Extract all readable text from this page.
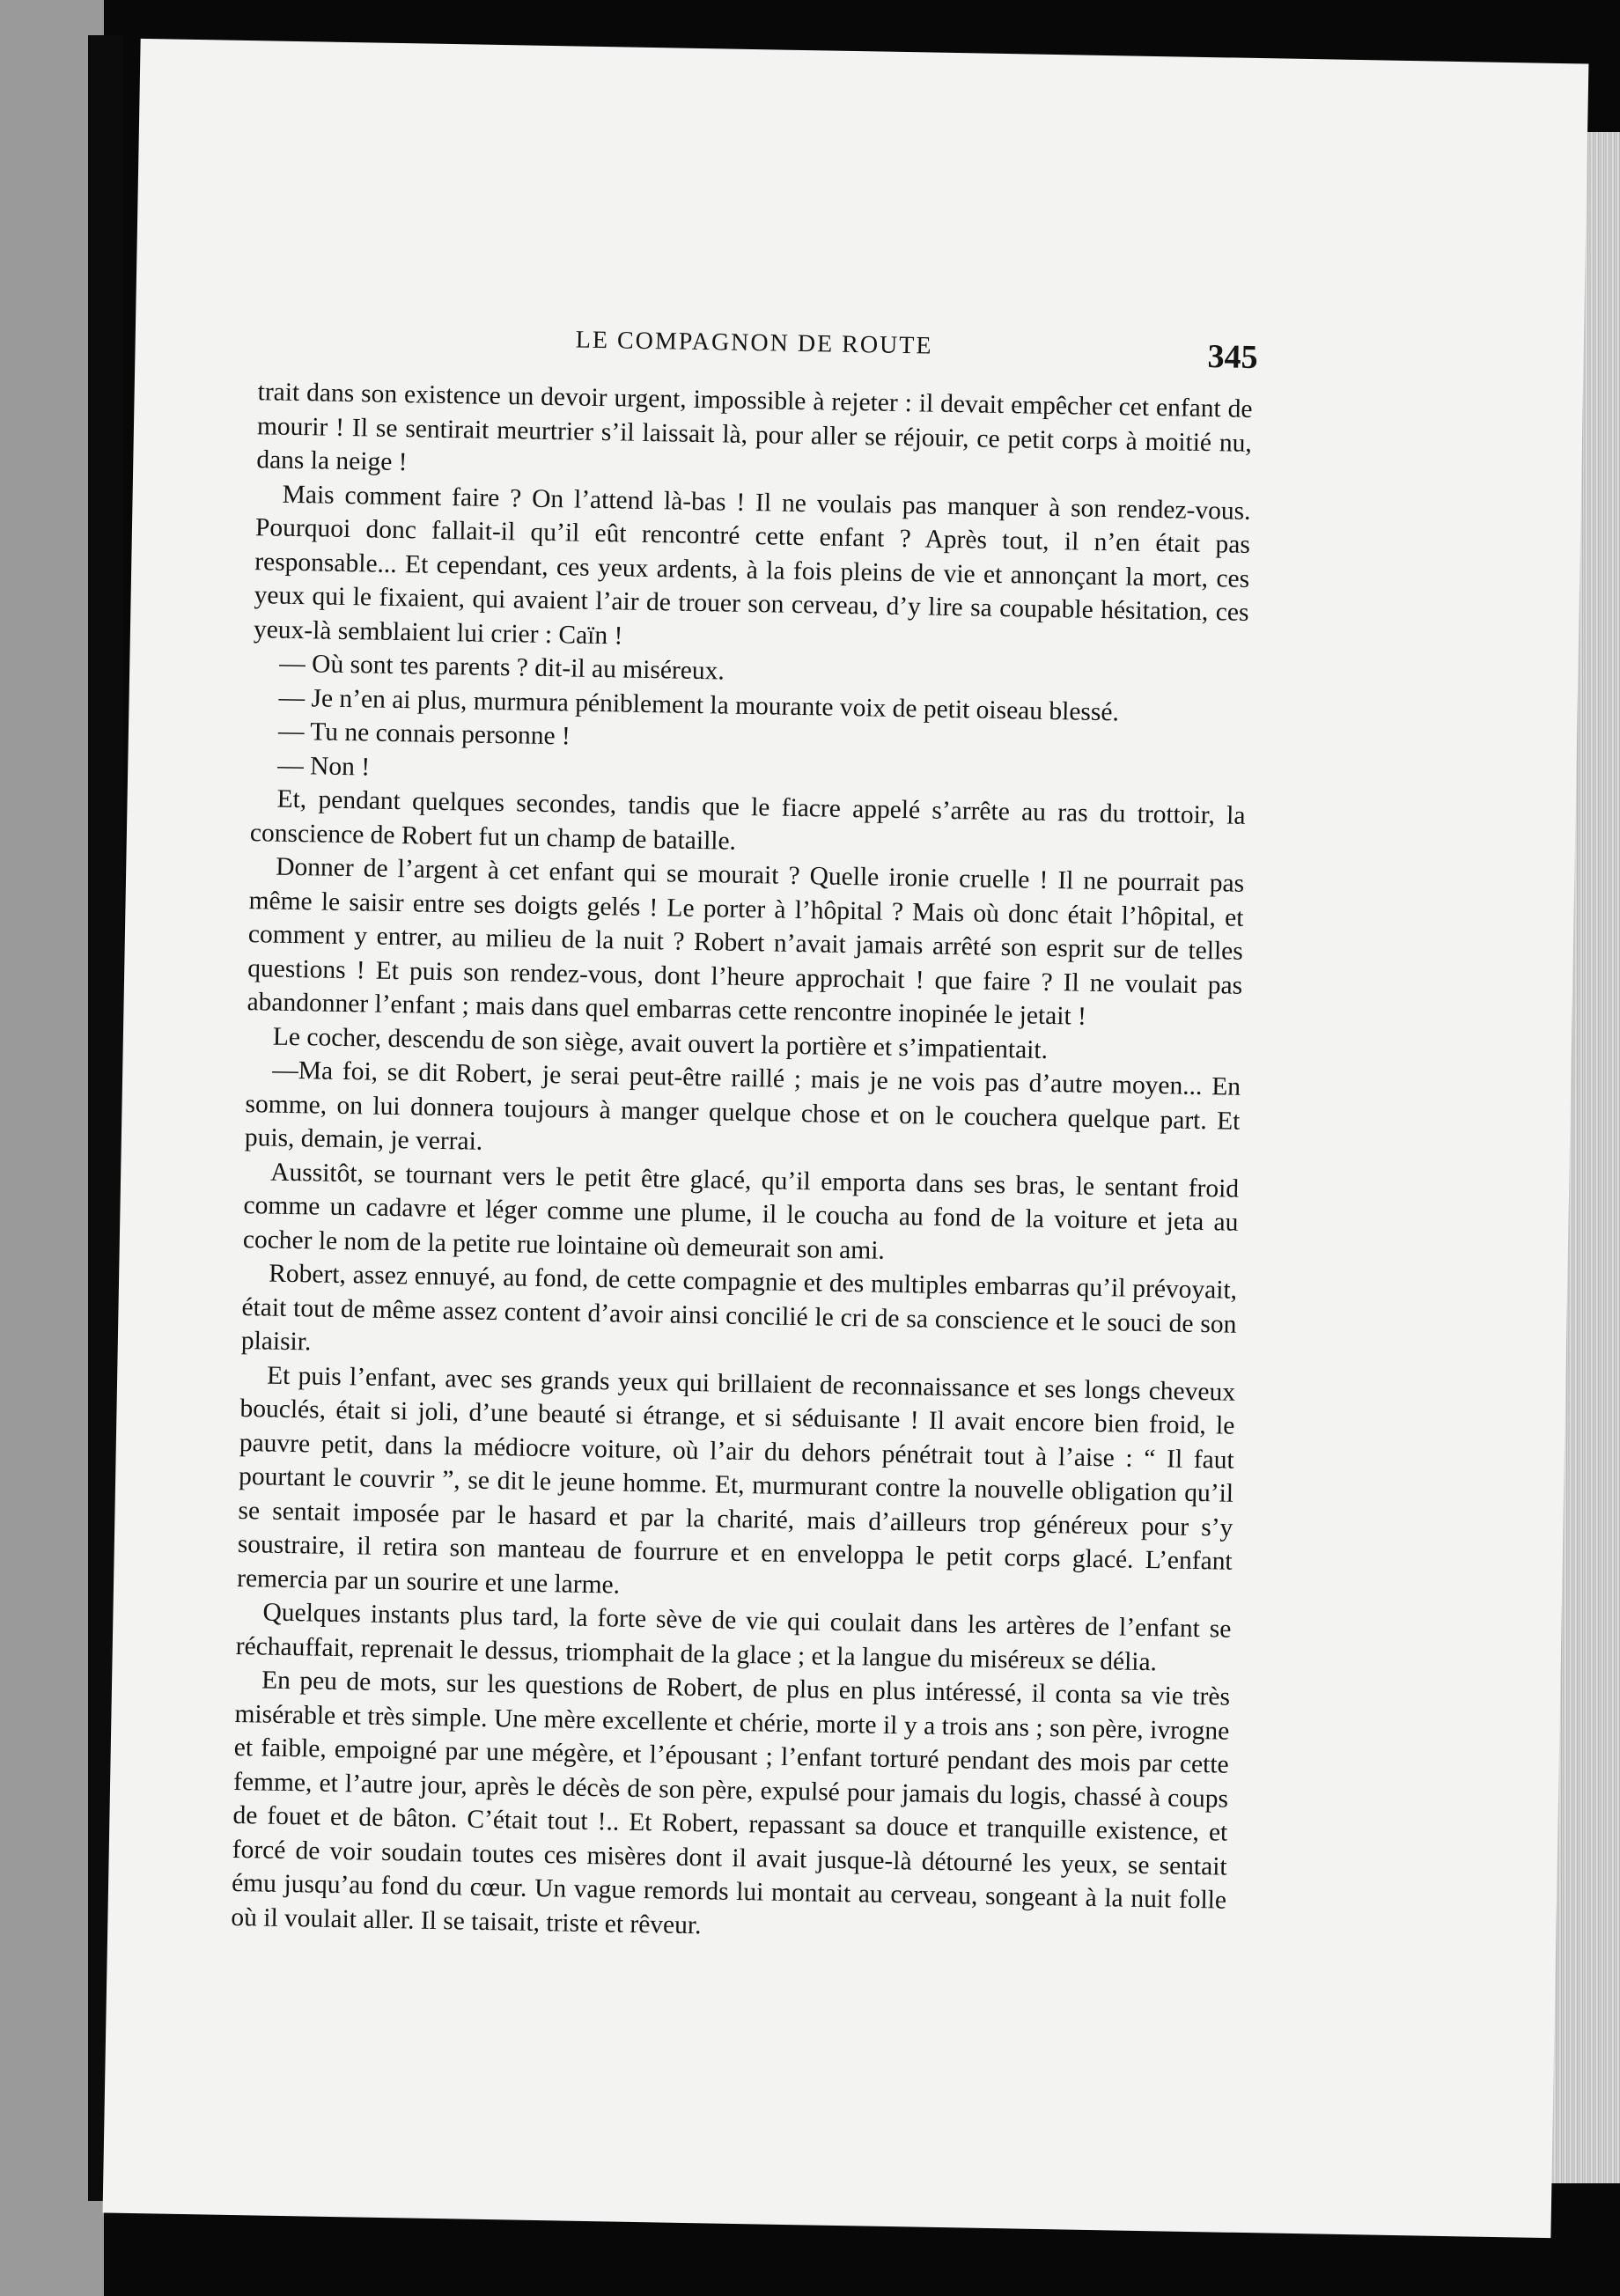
LE COMPAGNON DE ROUTE	345

trait dans son existence un devoir urgent, impossible à rejeter : il devait empêcher cet enfant de mourir ! Il se sentirait meurtrier s’il laissait là, pour aller se réjouir, ce petit corps à moitié nu, dans la neige !

Mais comment faire ? On l’attend là-bas ! Il ne voulais pas manquer à son rendez-vous. Pourquoi donc fallait-il qu’il eût rencontré cette enfant ? Après tout, il n’en était pas responsable... Et cependant, ces yeux ardents, à la fois pleins de vie et annonçant la mort, ces yeux qui le fixaient, qui avaient l’air de trouer son cerveau, d’y lire sa coupable hésitation, ces yeux-là semblaient lui crier : Caïn !

— Où sont tes parents ? dit-il au miséreux.

— Je n’en ai plus, murmura péniblement la mourante voix de petit oiseau blessé.

— Tu ne connais personne !

— Non !

Et, pendant quelques secondes, tandis que le fiacre appelé s’arrête au ras du trottoir, la conscience de Robert fut un champ de bataille.

Donner de l’argent à cet enfant qui se mourait ? Quelle ironie cruelle ! Il ne pourrait pas même le saisir entre ses doigts gelés ! Le porter à l’hôpital ? Mais où donc était l’hôpital, et comment y entrer, au milieu de la nuit ? Robert n’avait jamais arrêté son esprit sur de telles questions ! Et puis son rendez-vous, dont l’heure approchait ! que faire ? Il ne voulait pas abandonner l’enfant ; mais dans quel embarras cette rencontre inopinée le jetait !

Le cocher, descendu de son siège, avait ouvert la portière et s’impatientait.

—Ma foi, se dit Robert, je serai peut-être raillé ; mais je ne vois pas d’autre moyen... En somme, on lui donnera toujours à manger quelque chose et on le couchera quelque part. Et puis, demain, je verrai.

Aussitôt, se tournant vers le petit être glacé, qu’il emporta dans ses bras, le sentant froid comme un cadavre et léger comme une plume, il le coucha au fond de la voiture et jeta au cocher le nom de la petite rue lointaine où demeurait son ami.

Robert, assez ennuyé, au fond, de cette compagnie et des multiples embarras qu’il prévoyait, était tout de même assez content d’avoir ainsi concilié le cri de sa conscience et le souci de son plaisir.

Et puis l’enfant, avec ses grands yeux qui brillaient de reconnaissance et ses longs cheveux bouclés, était si joli, d’une beauté si étrange, et si séduisante ! Il avait encore bien froid, le pauvre petit, dans la médiocre voiture, où l’air du dehors pénétrait tout à l’aise : “ Il faut pourtant le couvrir ”, se dit le jeune homme. Et, murmurant contre la nouvelle obligation qu’il se sentait imposée par le hasard et par la charité, mais d’ailleurs trop généreux pour s’y soustraire, il retira son manteau de fourrure et en enveloppa le petit corps glacé. L’enfant remercia par un sourire et une larme.

Quelques instants plus tard, la forte sève de vie qui coulait dans les artères de l’enfant se réchauffait, reprenait le dessus, triomphait de la glace ; et la langue du miséreux se délia.

En peu de mots, sur les questions de Robert, de plus en plus intéressé, il conta sa vie très misérable et très simple. Une mère excellente et chérie, morte il y a trois ans ; son père, ivrogne et faible, empoigné par une mégère, et l’épousant ; l’enfant torturé pendant des mois par cette femme, et l’autre jour, après le décès de son père, expulsé pour jamais du logis, chassé à coups de fouet et de bâton. C’était tout !.. Et Robert, repassant sa douce et tranquille existence, et forcé de voir soudain toutes ces misères dont il avait jusque-là détourné les yeux, se sentait ému jusqu’au fond du cœur. Un vague remords lui montait au cerveau, songeant à la nuit folle où il voulait aller. Il se taisait, triste et rêveur.
